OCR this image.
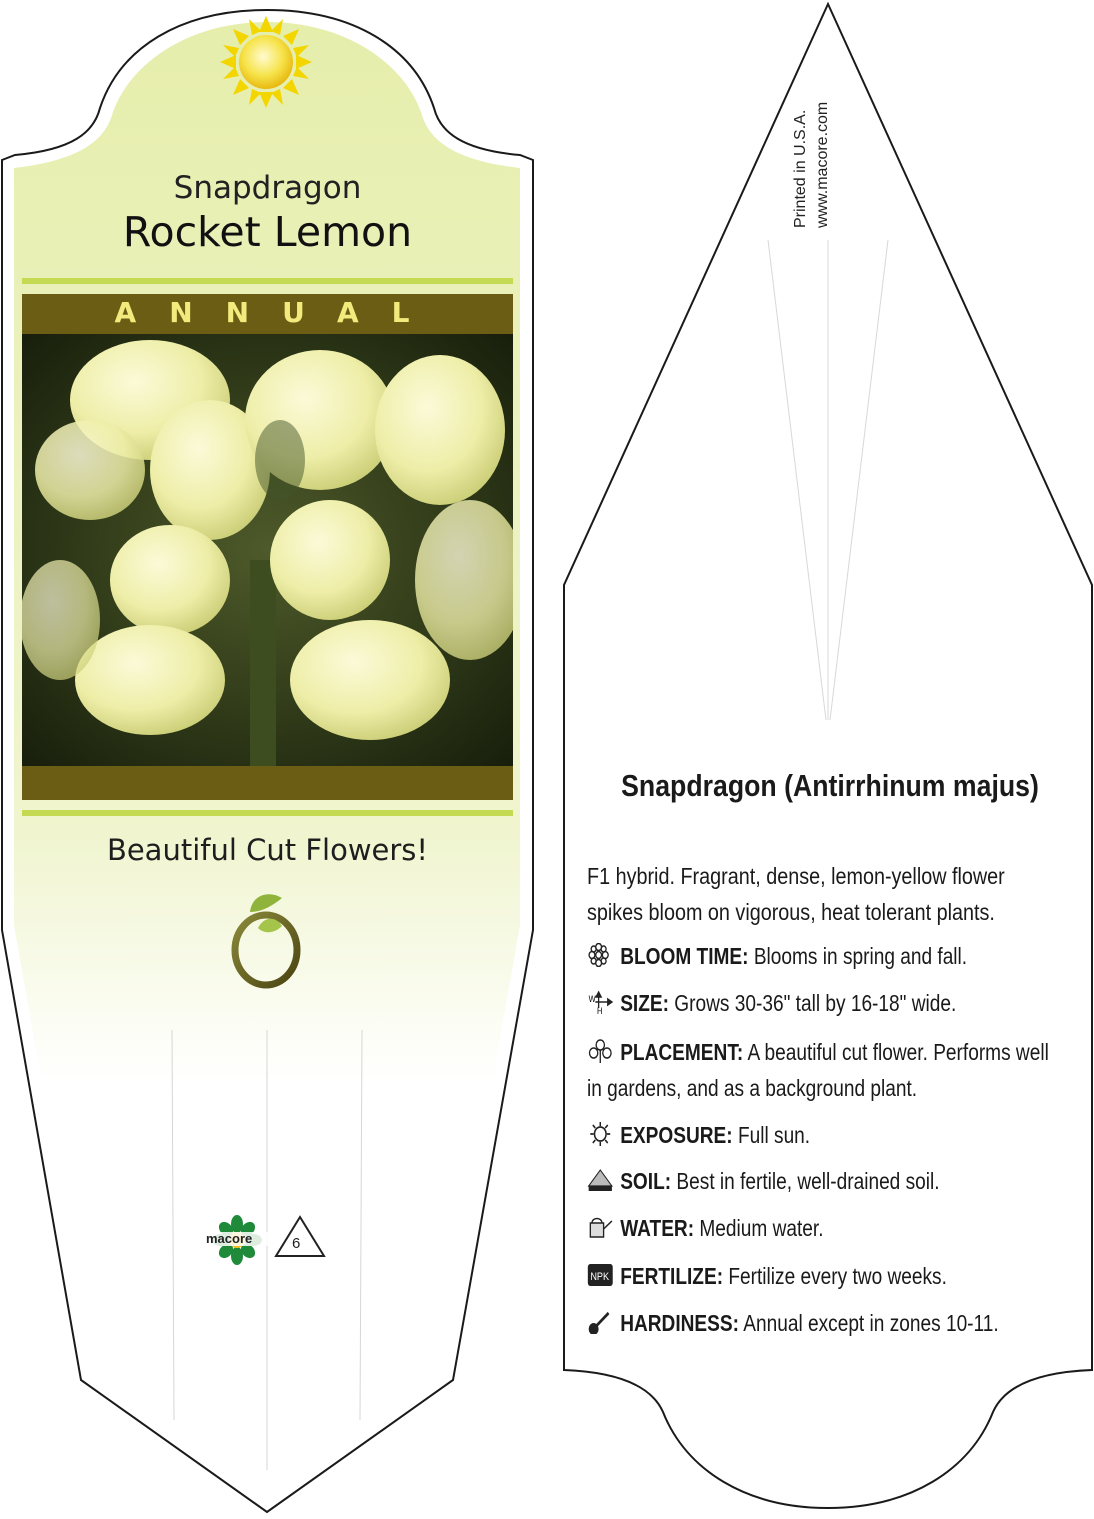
Snapdragon

Rocket Lemon

ANNUAL

Beautiful Cut Flowers!

macore	6
Printed in U.S.A. www.macore.com

Snapdragon (Antirrhinum majus)

F1 hybrid. Fragrant, dense, lemon-yellow flower spikes bloom on vigorous, heat tolerant plants.

BLOOM TIME: Blooms in spring and fall.
W
H SIZE: Grows 30-36" tall by 16-18" wide.
PLACEMENT: A beautiful cut flower. Performs well in gardens, and as a background plant.
EXPOSURE: Full sun.
SOIL: Best in fertile, well-drained soil.
WATER: Medium water.
NPK FERTILIZE: Fertilize every two weeks.
HARDINESS: Annual except in zones 10-11.
